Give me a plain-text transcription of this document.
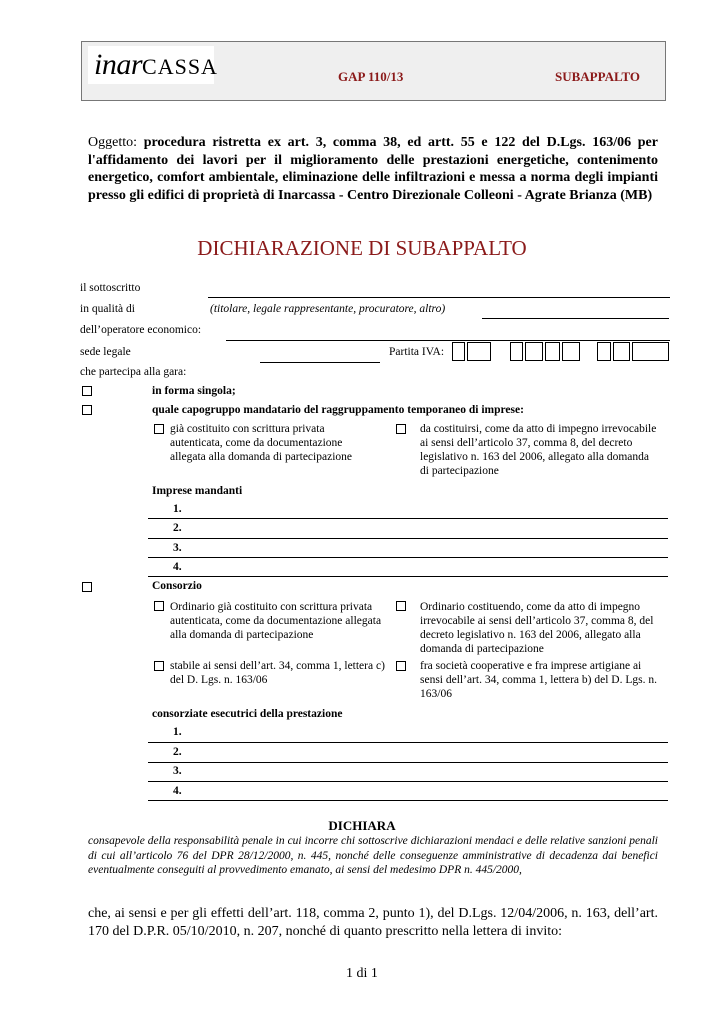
inarCASSA	GAP 110/13	SUBAPPALTO
Oggetto: procedura ristretta ex art. 3, comma 38, ed artt. 55 e 122 del D.Lgs. 163/06 per l'affidamento dei lavori per il miglioramento delle prestazioni energetiche, contenimento energetico, comfort ambientale, eliminazione delle infiltrazioni e messa a norma degli impianti presso gli edifici di proprietà di Inarcassa - Centro Direzionale Colleoni - Agrate Brianza (MB)
DICHIARAZIONE DI SUBAPPALTO
il sottoscritto
in qualità di	(titolare, legale rappresentante, procuratore, altro)
dell’operatore economico:
sede legale	Partita IVA:
che partecipa alla gara:
in forma singola;
quale capogruppo mandatario del raggruppamento temporaneo di imprese:
già costituito con scrittura privata autenticata, come da documentazione allegata alla domanda di partecipazione
da costituirsi, come da atto di impegno irrevocabile ai sensi dell’articolo 37, comma 8, del decreto legislativo n. 163 del 2006, allegato alla domanda di partecipazione
Imprese mandanti
1.
2.
3.
4.
Consorzio
Ordinario già costituito con scrittura privata autenticata, come da documentazione allegata alla domanda di partecipazione
Ordinario costituendo, come da atto di impegno irrevocabile ai sensi dell’articolo 37, comma 8, del decreto legislativo n. 163 del 2006, allegato alla domanda di partecipazione
stabile ai sensi dell’art. 34, comma 1, lettera c) del D. Lgs. n. 163/06
fra società cooperative e fra imprese artigiane ai sensi dell’art. 34, comma 1, lettera b) del D. Lgs. n. 163/06
consorziate esecutrici della prestazione
1.
2.
3.
4.
DICHIARA
consapevole della responsabilità penale in cui incorre chi sottoscrive dichiarazioni mendaci e delle relative sanzioni penali di cui all’articolo 76 del DPR 28/12/2000, n. 445, nonché delle conseguenze amministrative di decadenza dai benefici eventualmente conseguiti al provvedimento emanato, ai sensi del medesimo DPR n. 445/2000,
che, ai sensi e per gli effetti dell’art. 118, comma 2, punto 1), del D.Lgs. 12/04/2006, n. 163, dell’art. 170 del D.P.R. 05/10/2010, n. 207, nonché di quanto prescritto nella lettera di invito:
1 di 1
